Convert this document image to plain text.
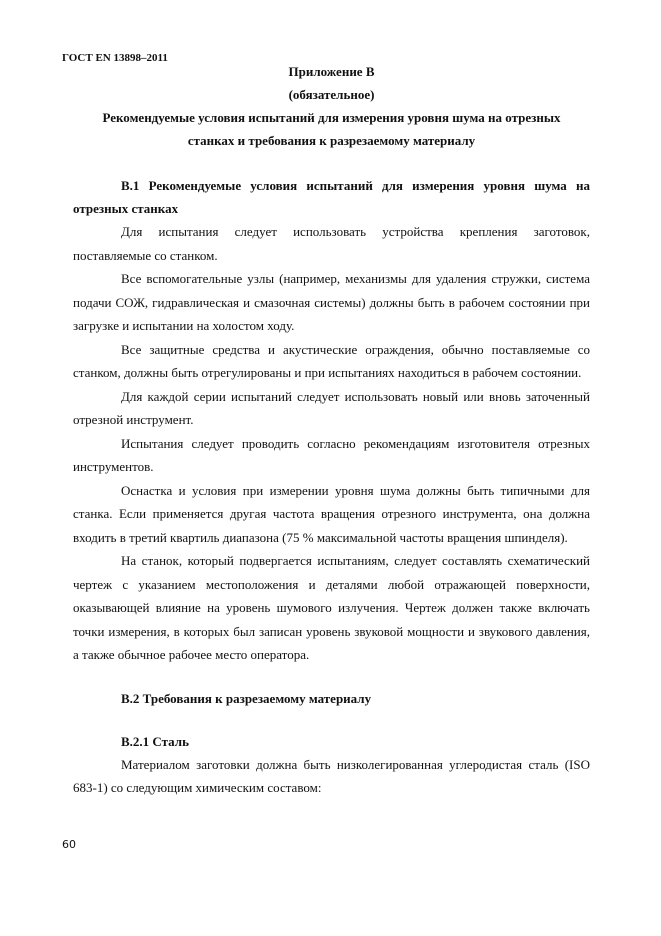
ГОСТ EN 13898–2011

Приложение В

(обязательное)

Рекомендуемые условия испытаний для измерения уровня шума на отрезных

станках и требования к разрезаемому материалу

В.1 Рекомендуемые условия испытаний для измерения уровня шума на отрезных станках

Для испытания следует использовать устройства крепления заготовок, поставляемые со станком.

Все вспомогательные узлы (например, механизмы для удаления стружки, система подачи СОЖ, гидравлическая и смазочная системы) должны быть в рабочем состоянии при загрузке и испытании на холостом ходу.

Все защитные средства и акустические ограждения, обычно поставляемые со станком, должны быть отрегулированы и при испытаниях находиться в рабочем состоянии.

Для каждой серии испытаний следует использовать новый или вновь заточенный отрезной инструмент.

Испытания следует проводить согласно рекомендациям изготовителя отрезных инструментов.

Оснастка и условия при измерении уровня шума должны быть типичными для станка. Если применяется другая частота вращения отрезного инструмента, она должна входить в третий квартиль диапазона (75 % максимальной частоты вращения шпинделя).

На станок, который подвергается испытаниям, следует составлять схематический чертеж с указанием местоположения и деталями любой отражающей поверхности, оказывающей влияние на уровень шумового излучения. Чертеж должен также включать точки измерения, в которых был записан уровень звуковой мощности и звукового давления, а также обычное рабочее место оператора.

В.2 Требования к разрезаемому материалу

В.2.1 Сталь

Материалом заготовки должна быть низколегированная углеродистая сталь (ISO 683-1) со следующим химическим составом:

60
